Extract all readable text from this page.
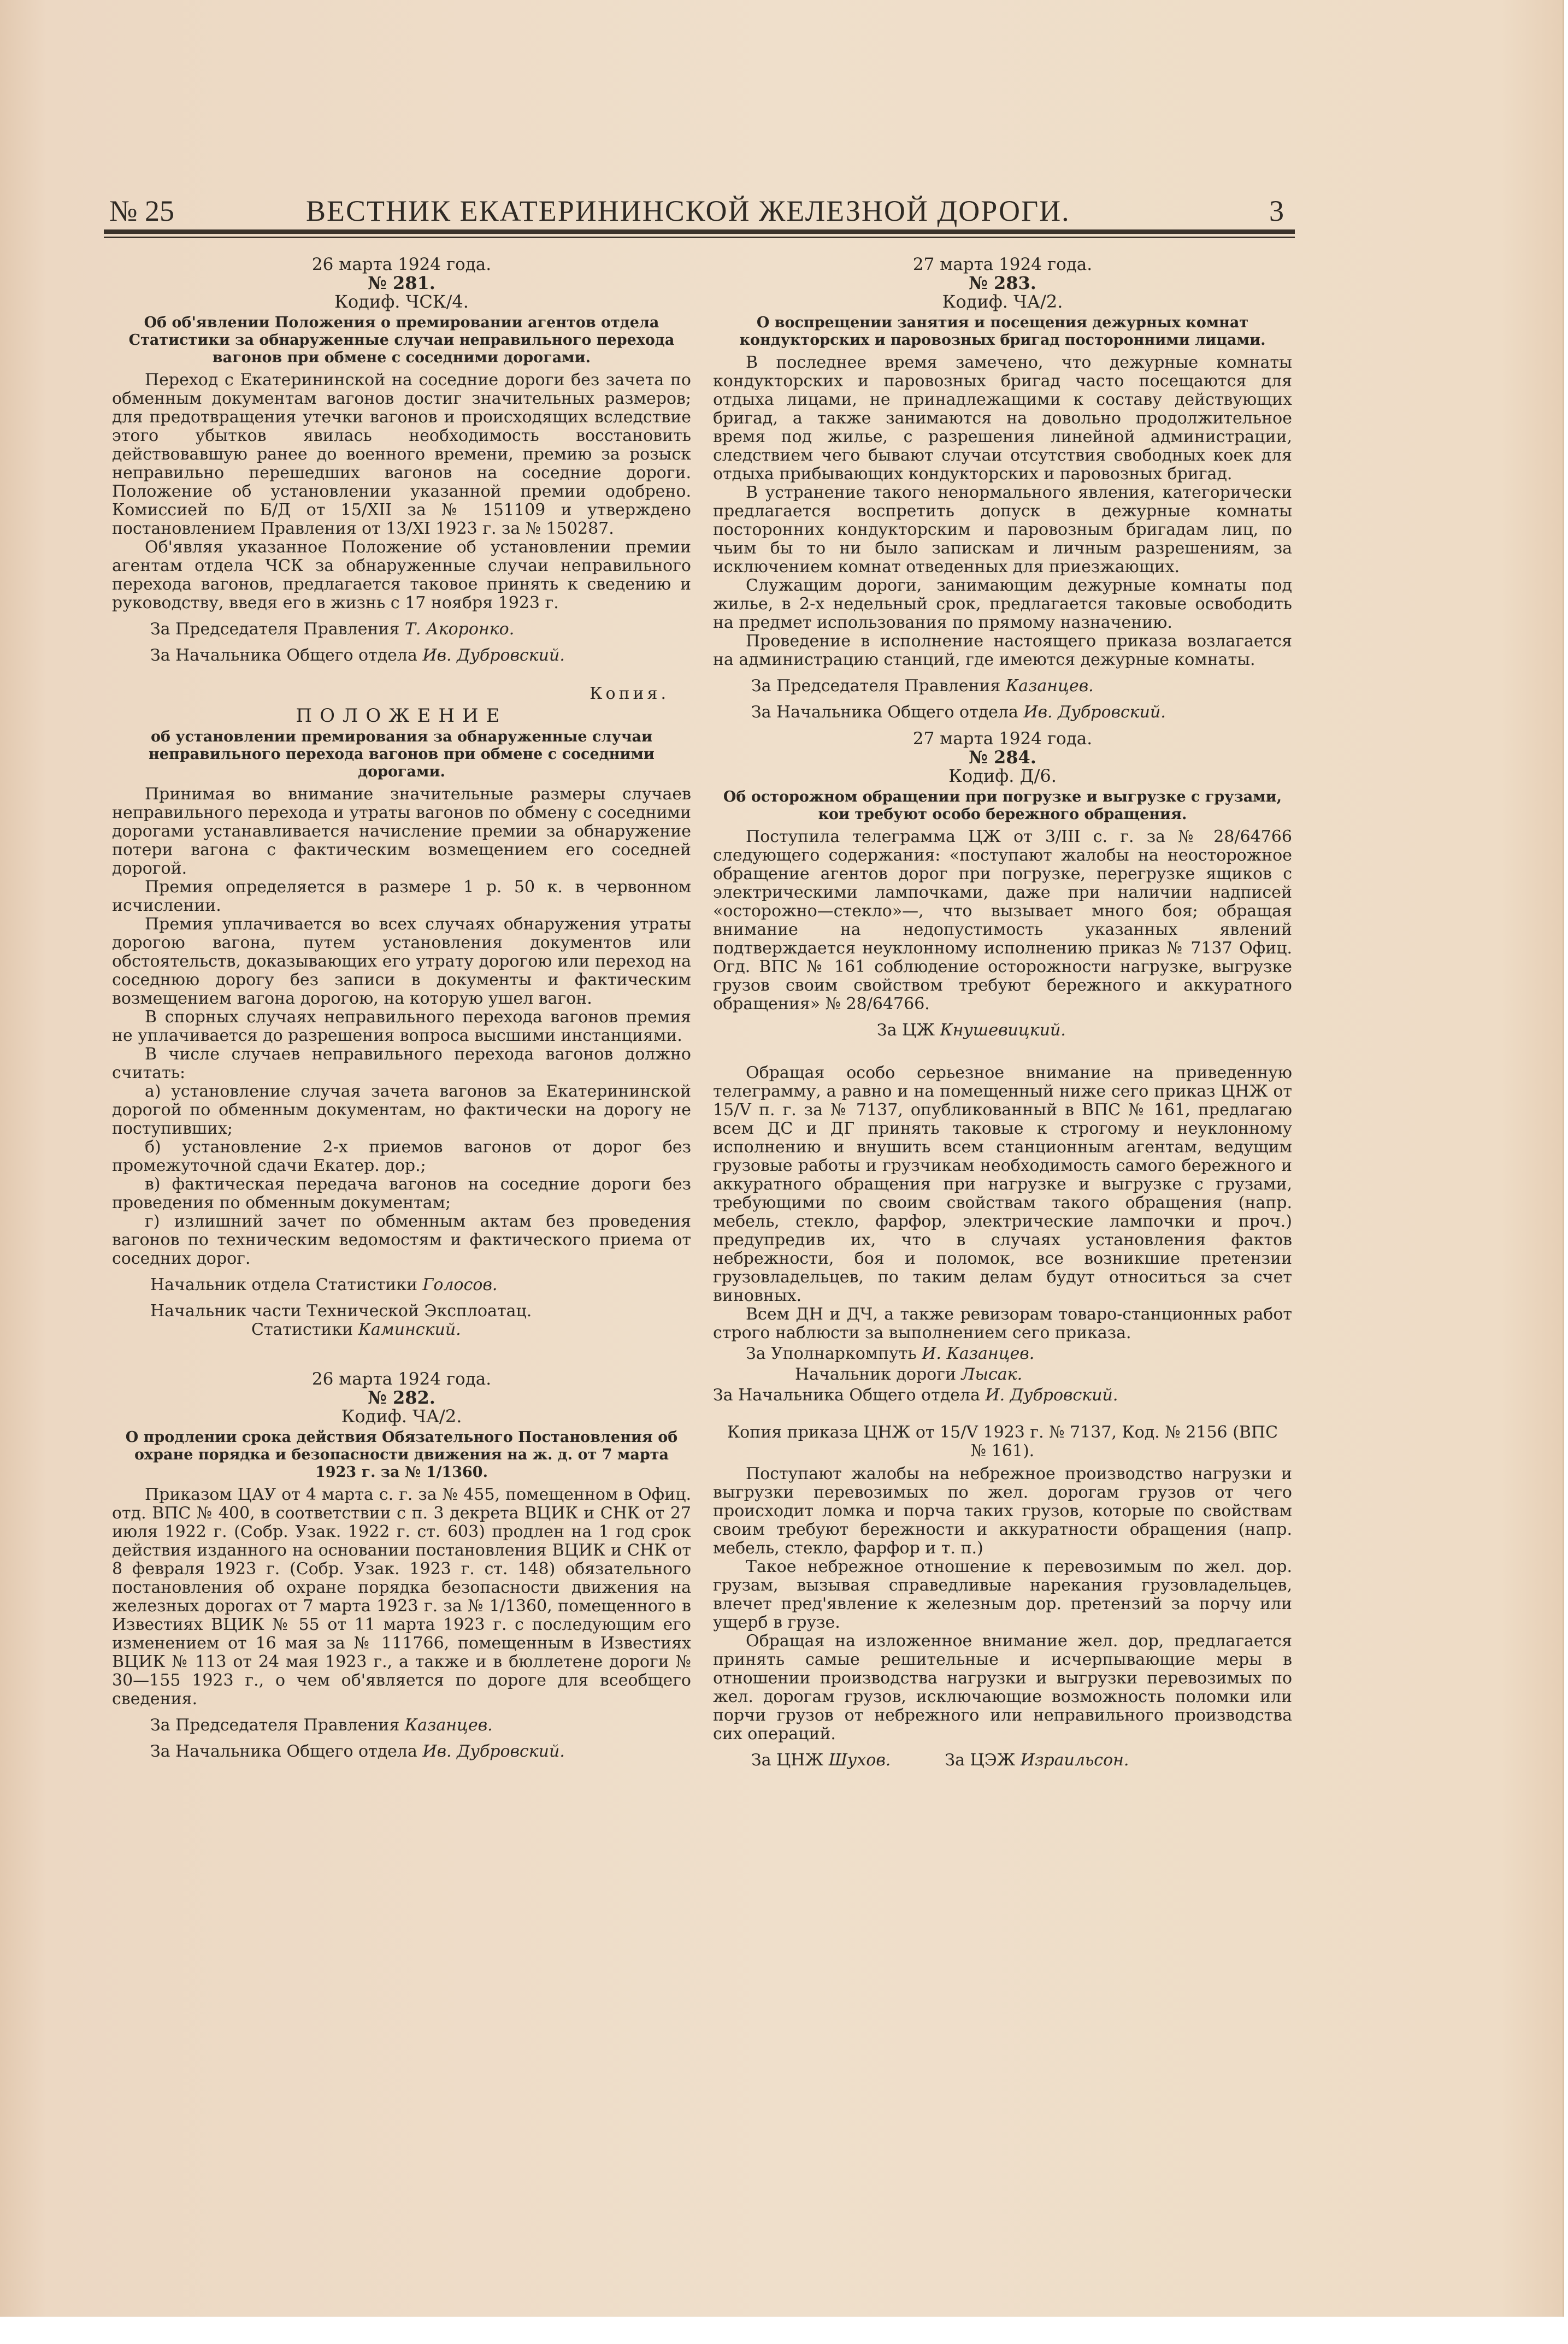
№ 25	ВЕСТНИК ЕКАТЕРИНИНСКОЙ ЖЕЛЕЗНОЙ ДОРОГИ.	3
26 марта 1924 года.
№ 281.
Кодиф. ЧСК/4.
Об об'явлении Положения о премировании агентов отдела Статистики за обнаруженные случаи неправильного перехода вагонов при обмене с соседними дорогами.

Переход с Екатерининской на соседние дороги без зачета по обменным документам вагонов достиг значительных размеров; для предотвращения утечки вагонов и происходящих вследствие этого убытков явилась необходимость восстановить действовавшую ранее до военного времени, премию за розыск неправильно перешедших вагонов на соседние дороги. Положение об установлении указанной премии одобрено. Комиссией по Б/Д от 15/XII за № 151109 и утверждено постановлением Правления от 13/XI 1923 г. за № 150287.

Об'являя указанное Положение об установлении премии агентам отдела ЧСК за обнаруженные случаи неправильного перехода вагонов, предлагается таковое принять к сведению и руководству, введя его в жизнь с 17 ноября 1923 г.

За Председателя Правления Т. Акоронко.
За Начальника Общего отдела Ив. Дубровский.
Копия.
ПОЛОЖЕНИЕ
об установлении премирования за обнаруженные случаи неправильного перехода вагонов при обмене с соседними дорогами.

Принимая во внимание значительные размеры случаев неправильного перехода и утраты вагонов по обмену с соседними дорогами устанавливается начисление премии за обнаружение потери вагона с фактическим возмещением его соседней дорогой.

Премия определяется в размере 1 р. 50 к. в червонном исчислении.

Премия уплачивается во всех случаях обнаружения утраты дорогою вагона, путем установления документов или обстоятельств, доказывающих его утрату дорогою или переход на соседнюю дорогу без записи в документы и фактическим возмещением вагона дорогою, на которую ушел вагон.

В спорных случаях неправильного перехода вагонов премия не уплачивается до разрешения вопроса высшими инстанциями.

В числе случаев неправильного перехода вагонов должно считать:

а) установление случая зачета вагонов за Екатерининской дорогой по обменным документам, но фактически на дорогу не поступивших;

б) установление 2-х приемов вагонов от дорог без промежуточной сдачи Екатер. дор.;

в) фактическая передача вагонов на соседние дороги без проведения по обменным документам;

г) излишний зачет по обменным актам без проведения вагонов по техническим ведомостям и фактического приема от соседних дорог.

Начальник отдела Статистики Голосов.
Начальник части Технической Эксплоатац.
Статистики Каминский.
26 марта 1924 года.
№ 282.
Кодиф. ЧА/2.
О продлении срока действия Обязательного Постановления об охране порядка и безопасности движения на ж. д. от 7 марта 1923 г. за № 1/1360.

Приказом ЦАУ от 4 марта с. г. за № 455, помещенном в Офиц. отд. ВПС № 400, в соответствии с п. 3 декрета ВЦИК и СНК от 27 июля 1922 г. (Собр. Узак. 1922 г. ст. 603) продлен на 1 год срок действия изданного на основании постановления ВЦИК и СНК от 8 февраля 1923 г. (Собр. Узак. 1923 г. ст. 148) обязательного постановления об охране порядка безопасности движения на железных дорогах от 7 марта 1923 г. за № 1/1360, помещенного в Известиях ВЦИК № 55 от 11 марта 1923 г. с последующим его изменением от 16 мая за № 111766, помещенным в Известиях ВЦИК № 113 от 24 мая 1923 г., а также и в бюллетене дороги № 30—155 1923 г., о чем об'является по дороге для всеобщего сведения.

За Председателя Правления Казанцев.
За Начальника Общего отдела Ив. Дубровский.
27 марта 1924 года.
№ 283.
Кодиф. ЧА/2.
О воспрещении занятия и посещения дежурных комнат кондукторских и паровозных бригад посторонними лицами.

В последнее время замечено, что дежурные комнаты кондукторских и паровозных бригад часто посещаются для отдыха лицами, не принадлежащими к составу действующих бригад, а также занимаются на довольно продолжительное время под жилье, с разрешения линейной администрации, следствием чего бывают случаи отсутствия свободных коек для отдыха прибывающих кондукторских и паровозных бригад.

В устранение такого ненормального явления, категорически предлагается воспретить допуск в дежурные комнаты посторонних кондукторским и паровозным бригадам лиц, по чьим бы то ни было запискам и личным разрешениям, за исключением комнат отведенных для приезжающих.

Служащим дороги, занимающим дежурные комнаты под жилье, в 2-х недельный срок, предлагается таковые освободить на предмет использования по прямому назначению.

Проведение в исполнение настоящего приказа возлагается на администрацию станций, где имеются дежурные комнаты.

За Председателя Правления Казанцев.
За Начальника Общего отдела Ив. Дубровский.
27 марта 1924 года.
№ 284.
Кодиф. Д/6.
Об осторожном обращении при погрузке и выгрузке с грузами, кои требуют особо бережного обращения.

Поступила телеграмма ЦЖ от 3/III с. г. за № 28/64766 следующего содержания: «поступают жалобы на неосторожное обращение агентов дорог при погрузке, перегрузке ящиков с электрическими лампочками, даже при наличии надписей «осторожно—стекло»—, что вызывает много боя; обращая внимание на недопустимость указанных явлений подтверждается неуклонному исполнению приказ № 7137 Офиц. Огд. ВПС № 161 соблюдение осторожности нагрузке, выгрузке грузов своим свойством требуют бережного и аккуратного обращения» № 28/64766.

За ЦЖ Кнушевицкий.

Обращая особо серьезное внимание на приведенную телеграмму, а равно и на помещенный ниже сего приказ ЦНЖ от 15/V п. г. за № 7137, опубликованный в ВПС № 161, предлагаю всем ДС и ДГ принять таковые к строгому и неуклонному исполнению и внушить всем станционным агентам, ведущим грузовые работы и грузчикам необходимость самого бережного и аккуратного обращения при нагрузке и выгрузке с грузами, требующими по своим свойствам такого обращения (напр. мебель, стекло, фарфор, электрические лампочки и проч.) предупредив их, что в случаях установления фактов небрежности, боя и поломок, все возникшие претензии грузовладельцев, по таким делам будут относиться за счет виновных.

Всем ДН и ДЧ, а также ревизорам товаро-станционных работ строго наблюсти за выполнением сего приказа.

За Уполнаркомпуть И. Казанцев.
Начальник дороги Лысак.
За Начальника Общего отдела И. Дубровский.
Копия приказа ЦНЖ от 15/V 1923 г. № 7137, Код. № 2156 (ВПС № 161).

Поступают жалобы на небрежное производство нагрузки и выгрузки перевозимых по жел. дорогам грузов от чего происходит ломка и порча таких грузов, которые по свойствам своим требуют бережности и аккуратности обращения (напр. мебель, стекло, фарфор и т. п.)

Такое небрежное отношение к перевозимым по жел. дор. грузам, вызывая справедливые нарекания грузовладельцев, влечет пред'явление к железным дор. претензий за порчу или ущерб в грузе.

Обращая на изложенное внимание жел. дор, предлагается принять самые решительные и исчерпывающие меры в отношении производства нагрузки и выгрузки перевозимых по жел. дорогам грузов, исключающие возможность поломки или порчи грузов от небрежного или неправильного производства сих операций.

За ЦНЖ Шухов.	За ЦЭЖ Израильсон.
